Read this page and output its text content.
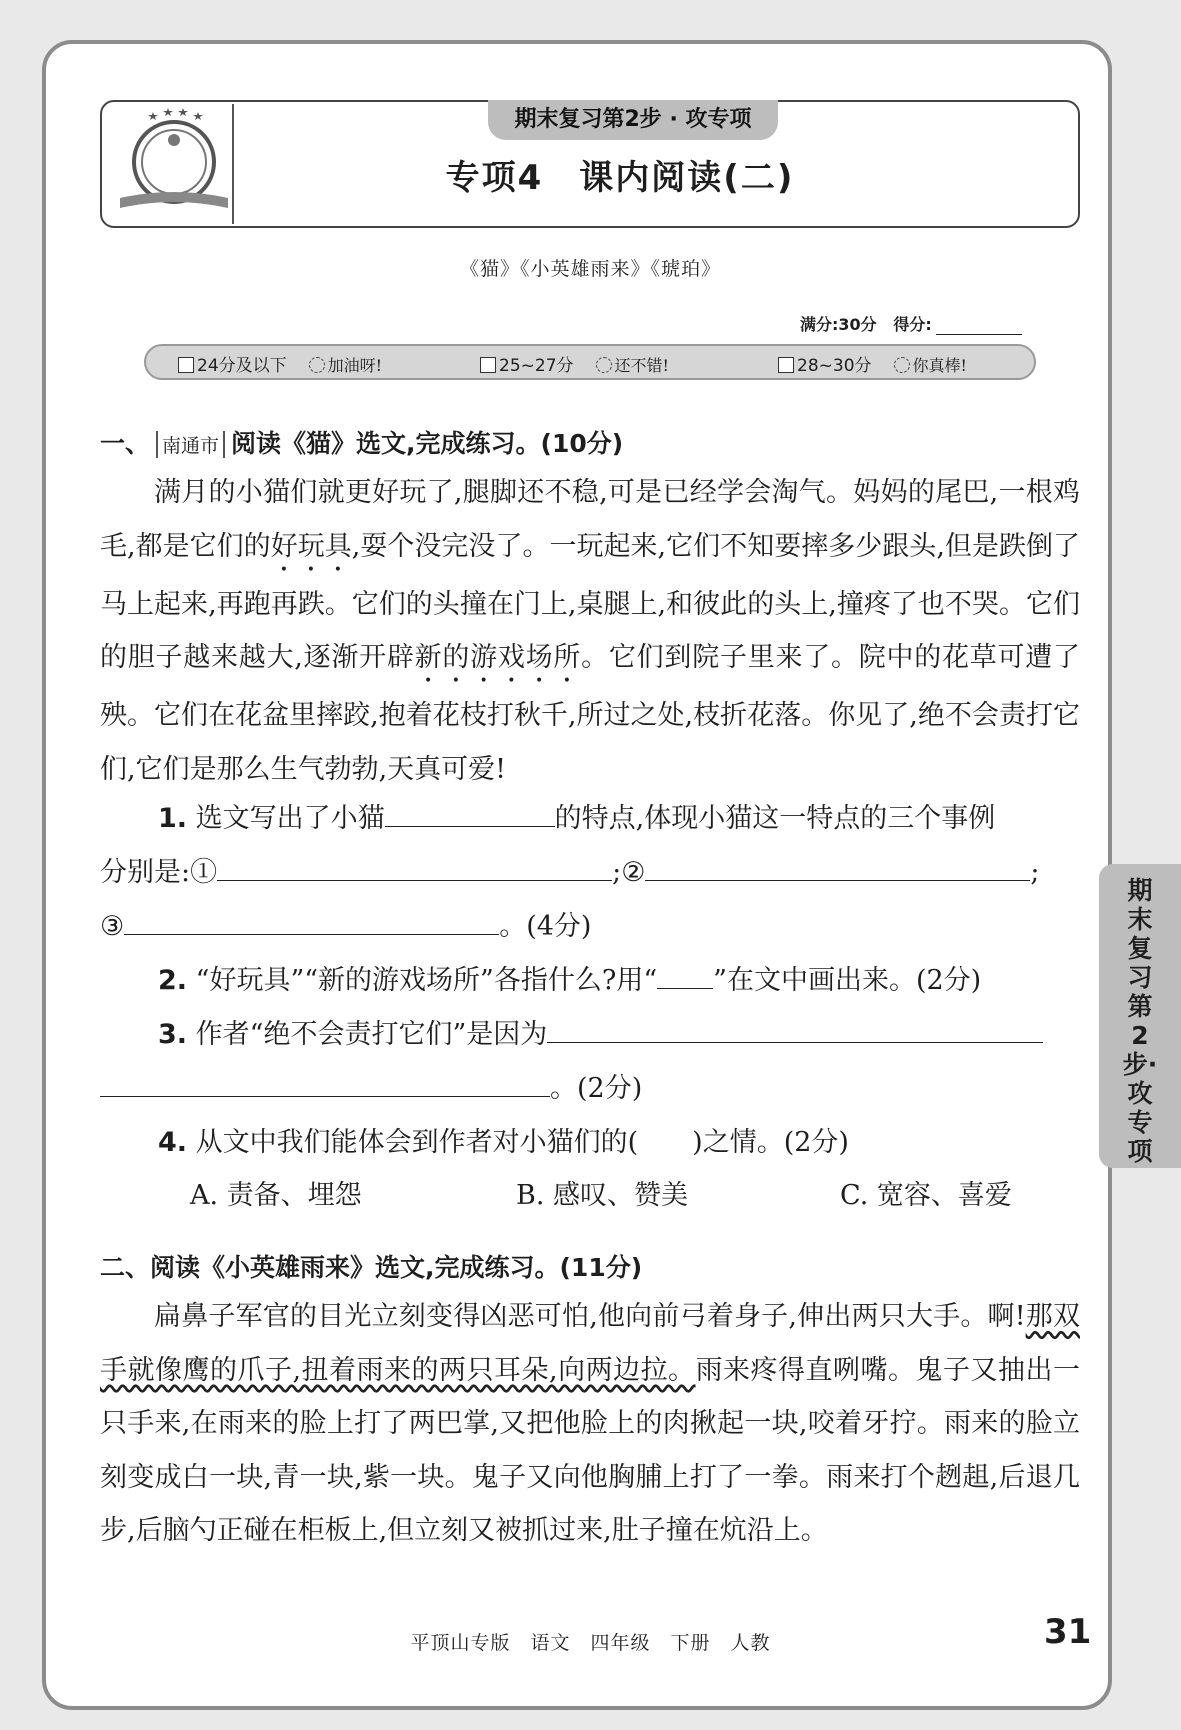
期末复习第2步 · 攻专项
专项4　课内阅读(二)
《猫》《小英雄雨来》《琥珀》
满分:30分 得分:
24分及以下	加油呀!	25~27分	还不错!	28~30分	你真棒!
一、 南通市 阅读《猫》选文,完成练习。(10分)
满月的小猫们就更好玩了,腿脚还不稳,可是已经学会淘气。妈妈的尾巴,一根鸡毛,都是它们的好玩具,耍个没完没了。一玩起来,它们不知要摔多少跟头,但是跌倒了马上起来,再跑再跌。它们的头撞在门上,桌腿上,和彼此的头上,撞疼了也不哭。它们的胆子越来越大,逐渐开辟新的游戏场所。它们到院子里来了。院中的花草可遭了殃。它们在花盆里摔跤,抱着花枝打秋千,所过之处,枝折花落。你见了,绝不会责打它们,它们是那么生气勃勃,天真可爱!
1. 选文写出了小猫	的特点,体现小猫这一特点的三个事例
分别是:①	;②	;
③	。(4分)
2. “好玩具”“新的游戏场所”各指什么?用“ ”在文中画出来。(2分)
3. 作者“绝不会责打它们”是因为
。(2分)
4. 从文中我们能体会到作者对小猫们的(　　)之情。(2分)
A. 责备、埋怨	B. 感叹、赞美	C. 宽容、喜爱
二、阅读《小英雄雨来》选文,完成练习。(11分)
扁鼻子军官的目光立刻变得凶恶可怕,他向前弓着身子,伸出两只大手。啊!那双手就像鹰的爪子,扭着雨来的两只耳朵,向两边拉。雨来疼得直咧嘴。鬼子又抽出一只手来,在雨来的脸上打了两巴掌,又把他脸上的肉揪起一块,咬着牙拧。雨来的脸立刻变成白一块,青一块,紫一块。鬼子又向他胸脯上打了一拳。雨来打个趔趄,后退几步,后脑勺正碰在柜板上,但立刻又被抓过来,肚子撞在炕沿上。
期末复习第2步·攻专项
平顶山专版　语文　四年级　下册　人教	31
